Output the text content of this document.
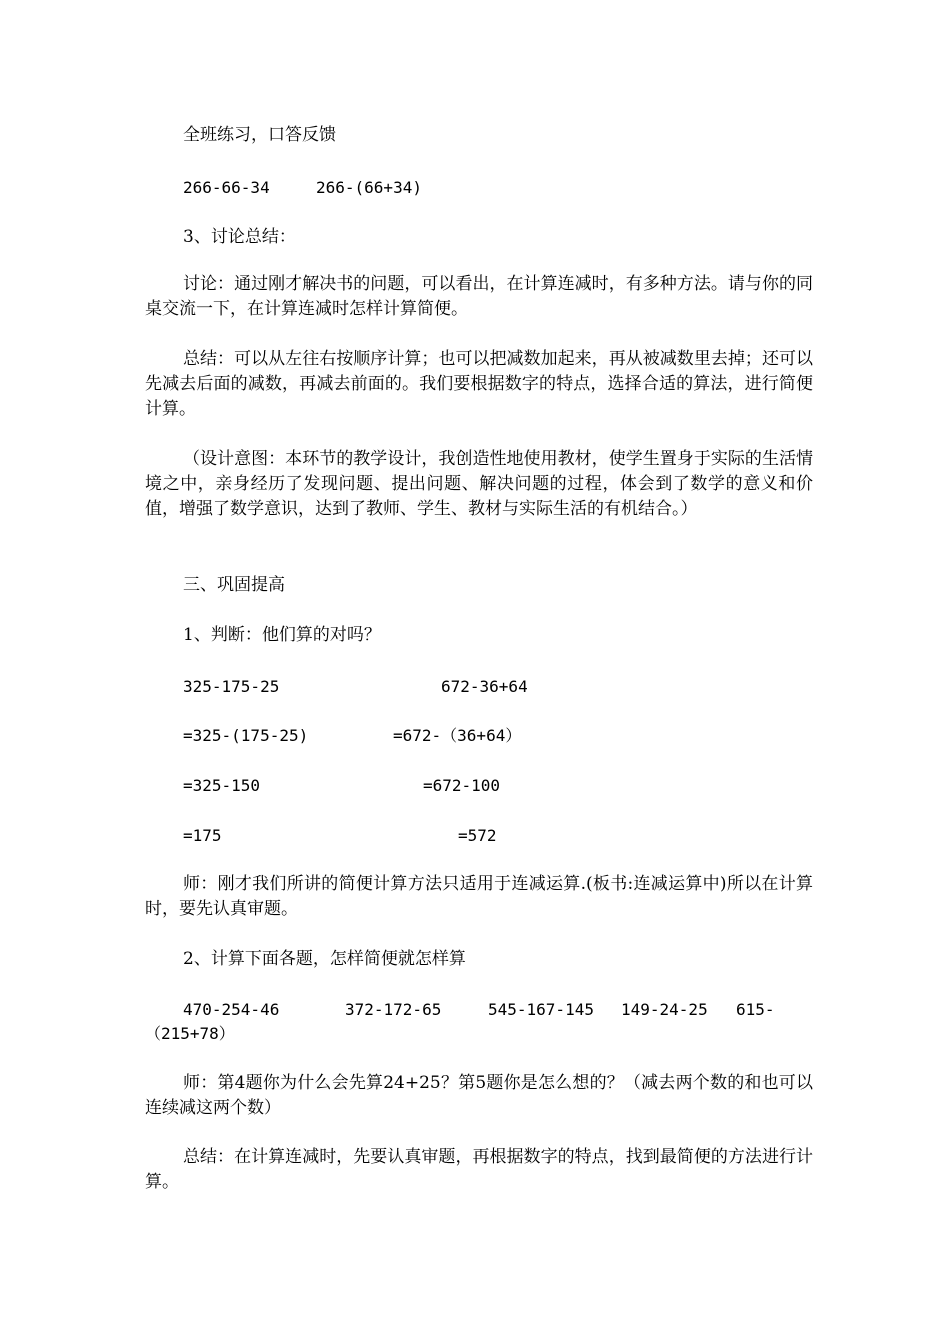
全班练习，口答反馈
266-66-34	266-(66+34)
3、讨论总结：
讨论：通过刚才解决书的问题，可以看出，在计算连减时，有多种方法。请与你的同桌交流一下，在计算连减时怎样计算简便。
总结：可以从左往右按顺序计算；也可以把减数加起来，再从被减数里去掉；还可以先减去后面的减数，再减去前面的。我们要根据数字的特点，选择合适的算法，进行简便计算。
（设计意图：本环节的教学设计，我创造性地使用教材，使学生置身于实际的生活情境之中，亲身经历了发现问题、提出问题、解决问题的过程，体会到了数学的意义和价值，增强了数学意识，达到了教师、学生、教材与实际生活的有机结合。）
三、巩固提高
1、判断：他们算的对吗？
325-175-25	672-36+64
=325-(175-25)	=672-（36+64）
=325-150	=672-100
=175	=572
师：刚才我们所讲的简便计算方法只适用于连减运算.(板书:连减运算中)所以在计算时，要先认真审题。
2、计算下面各题，怎样简便就怎样算
470-254-46	372-172-65	545-167-145 149-24-25 615-
（215+78）
师：第4题你为什么会先算24+25？第5题你是怎么想的？（减去两个数的和也可以连续减这两个数）
总结：在计算连减时，先要认真审题，再根据数字的特点，找到最简便的方法进行计算。
